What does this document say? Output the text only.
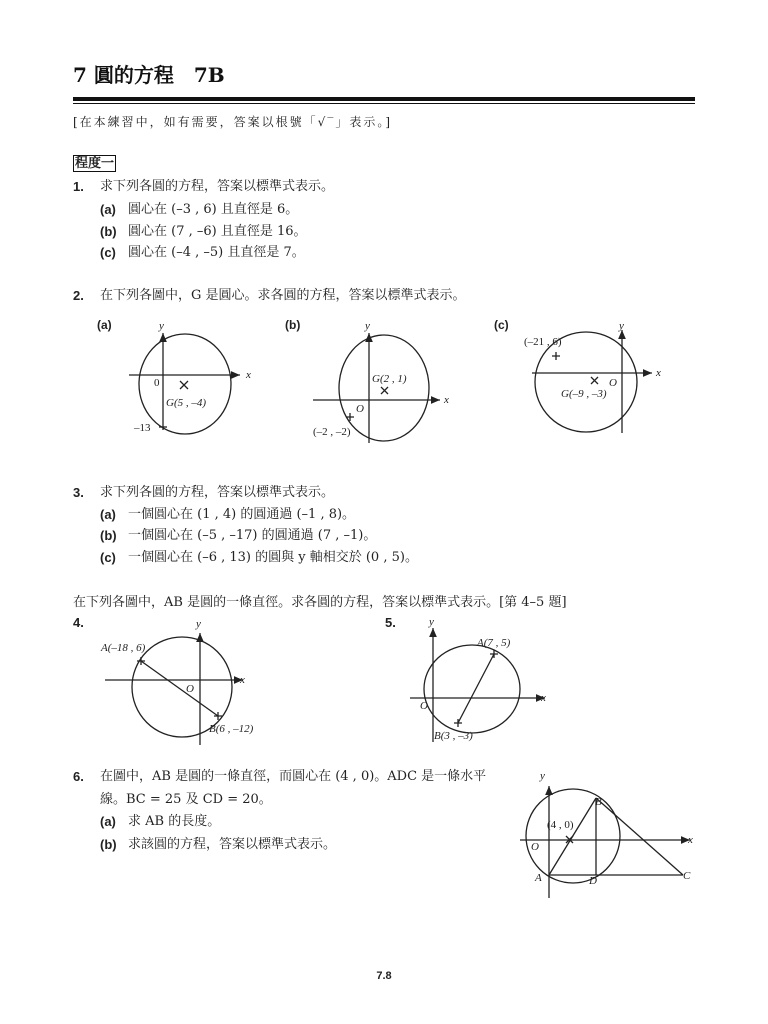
7 圓的方程　7B
[在本練習中，如有需要，答案以根號「√‾」表示。]
程度一
1. 求下列各圓的方程，答案以標準式表示。
(a) 圓心在 (–3 , 6) 且直徑是 6。
(b) 圓心在 (7 , –6) 且直徑是 16。
(c) 圓心在 (–4 , –5) 且直徑是 7。
2. 在下列各圖中，G 是圓心。求各圓的方程，答案以標準式表示。
3. 求下列各圓的方程，答案以標準式表示。
(a) 一個圓心在 (1 , 4) 的圓通過 (–1 , 8)。
(b) 一個圓心在 (–5 , –17) 的圓通過 (7 , –1)。
(c) 一個圓心在 (–6 , 13) 的圓與 y 軸相交於 (0 , 5)。
在下列各圖中，AB 是圓的一條直徑。求各圓的方程，答案以標準式表示。[第 4–5 題]
4.	5.
6. 在圖中，AB 是圓的一條直徑，而圓心在 (4 , 0)。ADC 是一條水平
線。BC = 25 及 CD = 20。
(a) 求 AB 的長度。
(b) 求該圓的方程，答案以標準式表示。
(a)	y
x
0
G(5 , –4)
–13
(b)	y
x
O
G(2 , 1)
(–2 , –2)
(c)	y
x
O
G(–9 , –3)
(–21 , 6)
y
x
O
A(–18 , 6)
B(6 , –12)
y
x
O
A(7 , 5)
B(3 , –3)
y
x
O
(4 , 0)
B
A	D	C
7.8
